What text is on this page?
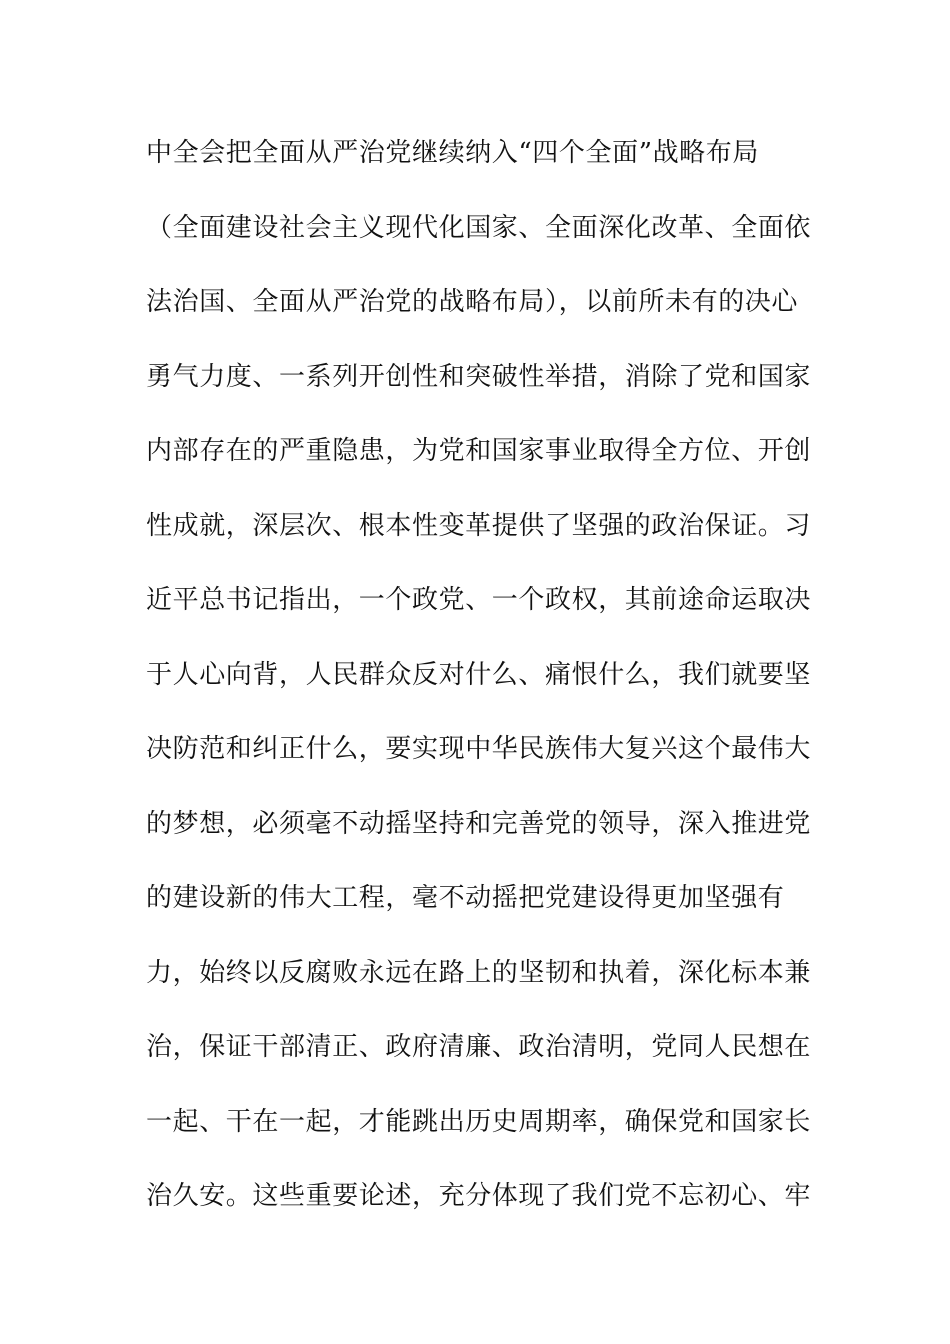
中全会把全面从严治党继续纳入“四个全面”战略布局
（全面建设社会主义现代化国家、全面深化改革、全面依
法治国、全面从严治党的战略布局），以前所未有的决心
勇气力度、一系列开创性和突破性举措，消除了党和国家
内部存在的严重隐患，为党和国家事业取得全方位、开创
性成就，深层次、根本性变革提供了坚强的政治保证。习
近平总书记指出，一个政党、一个政权，其前途命运取决
于人心向背，人民群众反对什么、痛恨什么，我们就要坚
决防范和纠正什么，要实现中华民族伟大复兴这个最伟大
的梦想，必须毫不动摇坚持和完善党的领导，深入推进党
的建设新的伟大工程，毫不动摇把党建设得更加坚强有
力，始终以反腐败永远在路上的坚韧和执着，深化标本兼
治，保证干部清正、政府清廉、政治清明，党同人民想在
一起、干在一起，才能跳出历史周期率，确保党和国家长
治久安。这些重要论述，充分体现了我们党不忘初心、牢
